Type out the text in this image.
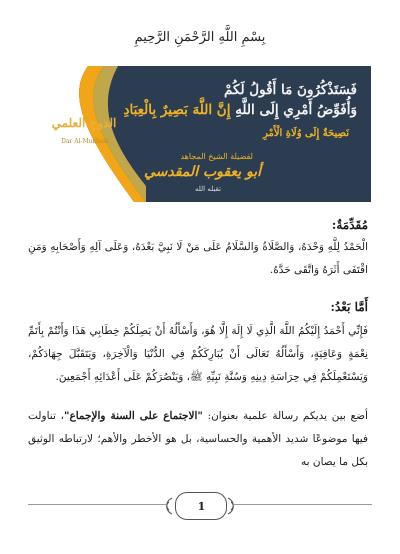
بِسْمِ اللَّهِ الرَّحْمَنِ الرَّحِيمِ
الدوح العلمي
Dar Al-Mukhsin
فَسَتَذْكُرُونَ مَا أَقُولُ لَكُمْ
وَأُفَوِّضُ أَمْرِي إِلَى اللَّهِ إِنَّ اللَّهَ بَصِيرٌ بِالْعِبَادِ
نَصِيحَةٌ إِلَى وُلَاةِ الْأَمْرِ
لفضيلة الشيخ المجاهد
أبو يعقوب المقدسي
تقبله الله
مُقَدِّمَةٌ:
الْحَمْدُ لِلَّهِ وَحْدَهُ، وَالصَّلَاةُ وَالسَّلَامُ عَلَى مَنْ لَا نَبِيَّ بَعْدَهُ، وَعَلَى آلِهِ وَأَصْحَابِهِ وَمَنِ اقْتَفَى أَثَرَهُ وَاتَّقَى حَدَّهُ.
أَمَّا بَعْدُ:
فَإِنِّي أَحْمَدُ إِلَيْكُمُ اللَّهَ الَّذِي لَا إِلَهَ إِلَّا هُوَ، وَأَسْأَلُهُ أَنْ يَصِلَكُمْ خِطَابِي هَذَا وَأَنْتُمْ بِأَتَمِّ نِعْمَةٍ وَعَافِيَةٍ، وَأَسْأَلُهُ تَعَالَى أَنْ يُبَارِكَكُمْ فِي الدُّنْيَا وَالْآخِرَةِ، وَيَتَقَبَّلَ جِهَادَكُمْ، وَيَسْتَعْمِلَكُمْ فِي حِرَاسَةِ دِينِهِ وَسُنَّةِ نَبِيِّهِ ﷺ، وَيَنْصُرَكُمْ عَلَى أَعْدَائِهِ أَجْمَعِينَ.
أضع بين يديكم رسالة علمية بعنوان: "الاجتماع على السنة والإجماع"، تناولت فيها موضوعًا شديد الأهمية والحساسية، بل هو الأخطر والأهم؛ لارتباطه الوثيق بكل ما يصان به
1
